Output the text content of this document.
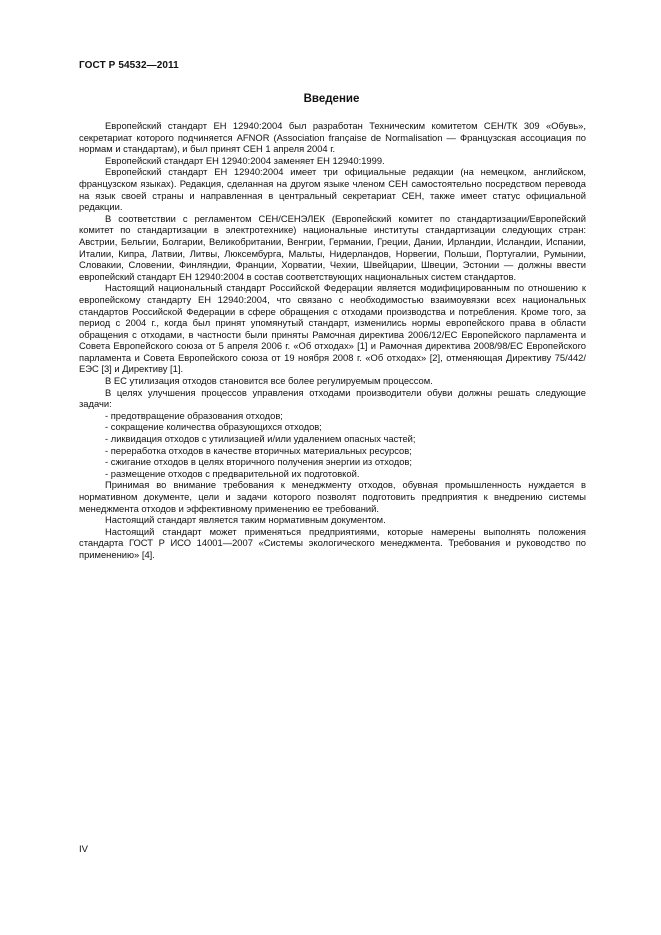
ГОСТ Р 54532—2011
Введение

Европейский стандарт ЕН 12940:2004 был разработан Техническим комитетом СЕН/ТК 309 «Обувь», секретариат которого подчиняется AFNOR (Association française de Normalisation — Французская ассоциация по нормам и стандартам), и был принят СЕН 1 апреля 2004 г.

Европейский стандарт ЕН 12940:2004 заменяет ЕН 12940:1999.

Европейский стандарт ЕН 12940:2004 имеет три официальные редакции (на немецком, английском, французском языках). Редакция, сделанная на другом языке членом СЕН самостоятельно посредством перевода на язык своей страны и направленная в центральный секретариат СЕН, также имеет статус официальной редакции.

В соответствии с регламентом СЕН/СЕНЭЛЕК (Европейский комитет по стандартизации/Европейский комитет по стандартизации в электротехнике) национальные институты стандартизации следующих стран: Австрии, Бельгии, Болгарии, Великобритании, Венгрии, Германии, Греции, Дании, Ирландии, Исландии, Испании, Италии, Кипра, Латвии, Литвы, Люксембурга, Мальты, Нидерландов, Норвегии, Польши, Португалии, Румынии, Словакии, Словении, Финляндии, Франции, Хорватии, Чехии, Швейцарии, Швеции, Эстонии — должны ввести европейский стандарт ЕН 12940:2004 в состав соответствующих национальных систем стандартов.

Настоящий национальный стандарт Российской Федерации является модифицированным по отношению к европейскому стандарту ЕН 12940:2004, что связано с необходимостью взаимоувязки всех национальных стандартов Российской Федерации в сфере обращения с отходами производства и потребления. Кроме того, за период с 2004 г., когда был принят упомянутый стандарт, изменились нормы европейского права в области обращения с отходами, в частности были приняты Рамочная директива 2006/12/ЕС Европейского парламента и Совета Европейского союза от 5 апреля 2006 г. «Об отходах» [1] и Рамочная директива 2008/98/ЕС Европейского парламента и Совета Европейского союза от 19 ноября 2008 г. «Об отходах» [2], отменяющая Директиву 75/442/ЕЭС [3] и Директиву [1].

В ЕС утилизация отходов становится все более регулируемым процессом.

В целях улучшения процессов управления отходами производители обуви должны решать следующие задачи:

- предотвращение образования отходов;

- сокращение количества образующихся отходов;

- ликвидация отходов с утилизацией и/или удалением опасных частей;

- переработка отходов в качестве вторичных материальных ресурсов;

- сжигание отходов в целях вторичного получения энергии из отходов;

- размещение отходов с предварительной их подготовкой.

Принимая во внимание требования к менеджменту отходов, обувная промышленность нуждается в нормативном документе, цели и задачи которого позволят подготовить предприятия к внедрению системы менеджмента отходов и эффективному применению ее требований.

Настоящий стандарт является таким нормативным документом.

Настоящий стандарт может применяться предприятиями, которые намерены выполнять положения стандарта ГОСТ Р ИСО 14001—2007 «Системы экологического менеджмента. Требования и руководство по применению» [4].

IV
